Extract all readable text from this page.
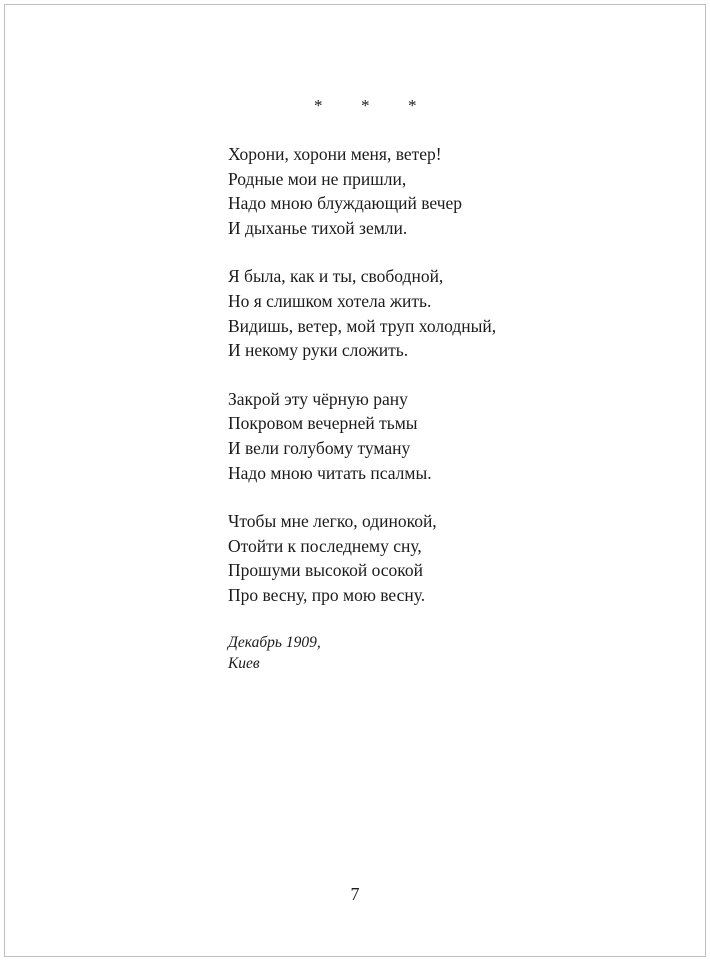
*  *  *
Хорони, хорони меня, ветер!
Родные мои не пришли,
Надо мною блуждающий вечер
И дыханье тихой земли.
Я была, как и ты, свободной,
Но я слишком хотела жить.
Видишь, ветер, мой труп холодный,
И некому руки сложить.
Закрой эту чёрную рану
Покровом вечерней тьмы
И вели голубому туману
Надо мною читать псалмы.
Чтобы мне легко, одинокой,
Отойти к последнему сну,
Прошуми высокой осокой
Про весну, про мою весну.
Декабрь 1909,
Киев
7
